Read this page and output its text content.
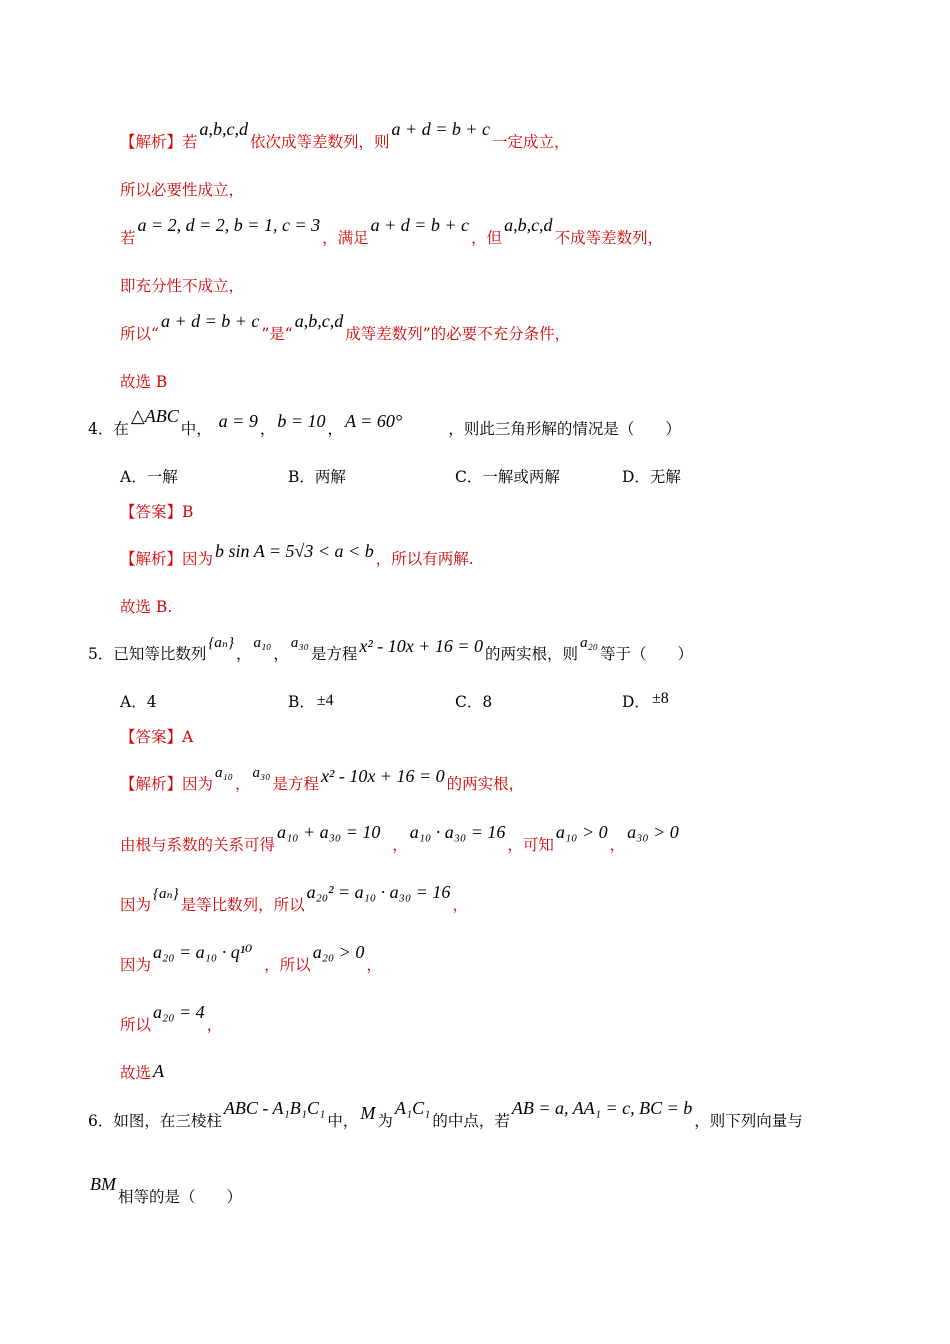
【解析】若a,b,c,d依次成等差数列，则a + d = b + c一定成立，
所以必要性成立，
若a = 2, d = 2, b = 1, c = 3，满足a + d = b + c，但a,b,c,d不成等差数列，
即充分性不成立，
所以“a + d = b + c”是“a,b,c,d成等差数列”的必要不充分条件，
故选 B
4．在△ABC中， a = 9 ， b = 10 ， A = 60°	，则此三角形解的情况是（　　）
A．一解	B．两解	C．一解或两解	D．无解
【答案】B
【解析】因为 b sin A = 5√3 < a < b ，所以有两解.
故选 B.
5．已知等比数列{aₙ}，a₁₀，a₃₀是方程 x² - 10x + 16 = 0 的两实根，则a₂₀等于（　　）
A．4	B． ±4	C．8	D． ±8
【答案】A
【解析】因为a₁₀，a₃₀是方程 x² - 10x + 16 = 0 的两实根，
由根与系数的关系可得a₁₀ + a₃₀ = 10  ，a₁₀ · a₃₀ = 16，可知a₁₀ > 0，a₃₀ > 0
因为{aₙ}是等比数列，所以a₂₀² = a₁₀ · a₃₀ = 16，
因为a₂₀ = a₁₀ · q¹⁰  ，所以a₂₀ > 0，
所以a₂₀ = 4，
故选 A
6．如图，在三棱柱ABC - A₁B₁C₁中， M 为A₁C₁的中点，若AB = a, AA₁ = c, BC = b，则下列向量与
BM相等的是（　　）
